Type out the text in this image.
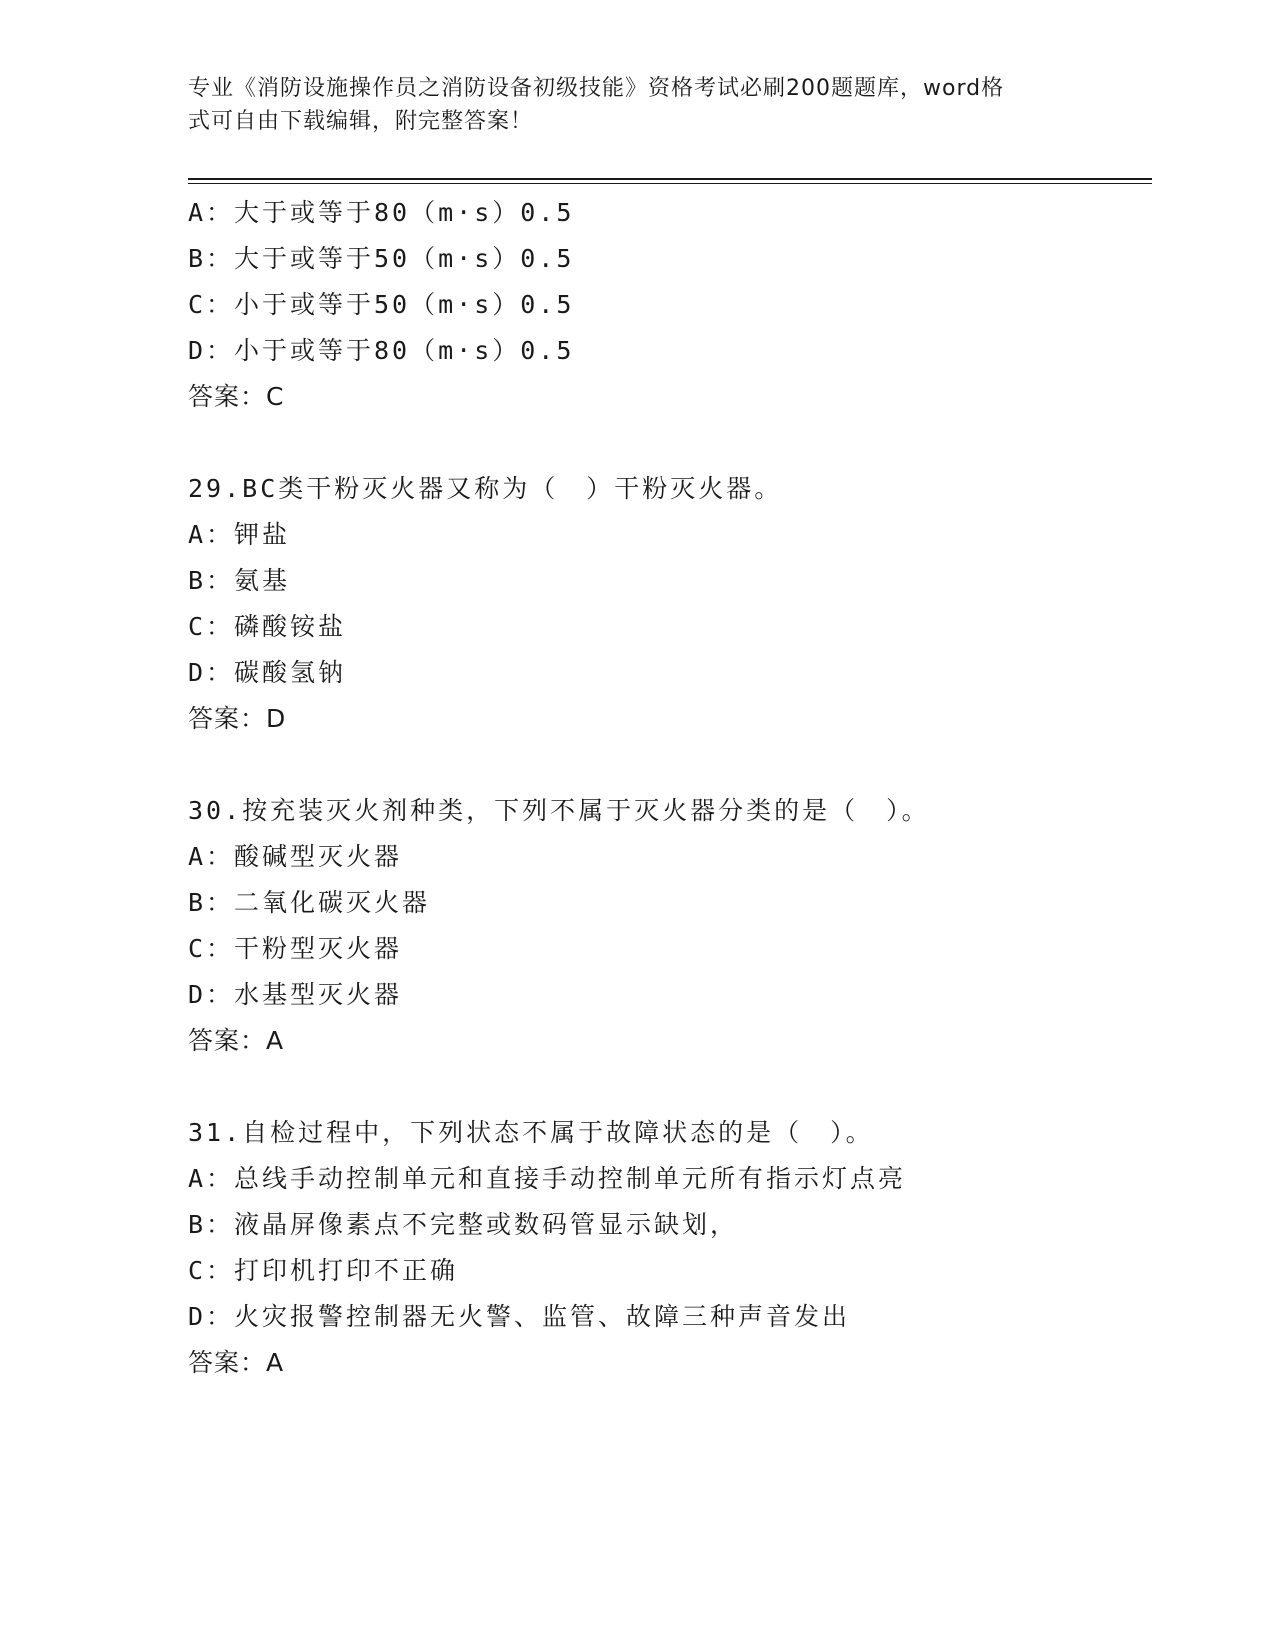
专业《消防设施操作员之消防设备初级技能》资格考试必刷200题题库，word格
式可自由下载编辑，附完整答案！
A：大于或等于80（m·s）0.5
B：大于或等于50（m·s）0.5
C：小于或等于50（m·s）0.5
D：小于或等于80（m·s）0.5
答案：C
29.BC类干粉灭火器又称为（　）干粉灭火器。
A：钾盐
B：氨基
C：磷酸铵盐
D：碳酸氢钠
答案：D
30.按充装灭火剂种类，下列不属于灭火器分类的是（　）。
A：酸碱型灭火器
B：二氧化碳灭火器
C：干粉型灭火器
D：水基型灭火器
答案：A
31.自检过程中，下列状态不属于故障状态的是（　）。
A：总线手动控制单元和直接手动控制单元所有指示灯点亮
B：液晶屏像素点不完整或数码管显示缺划，
C：打印机打印不正确
D：火灾报警控制器无火警、监管、故障三种声音发出
答案：A
